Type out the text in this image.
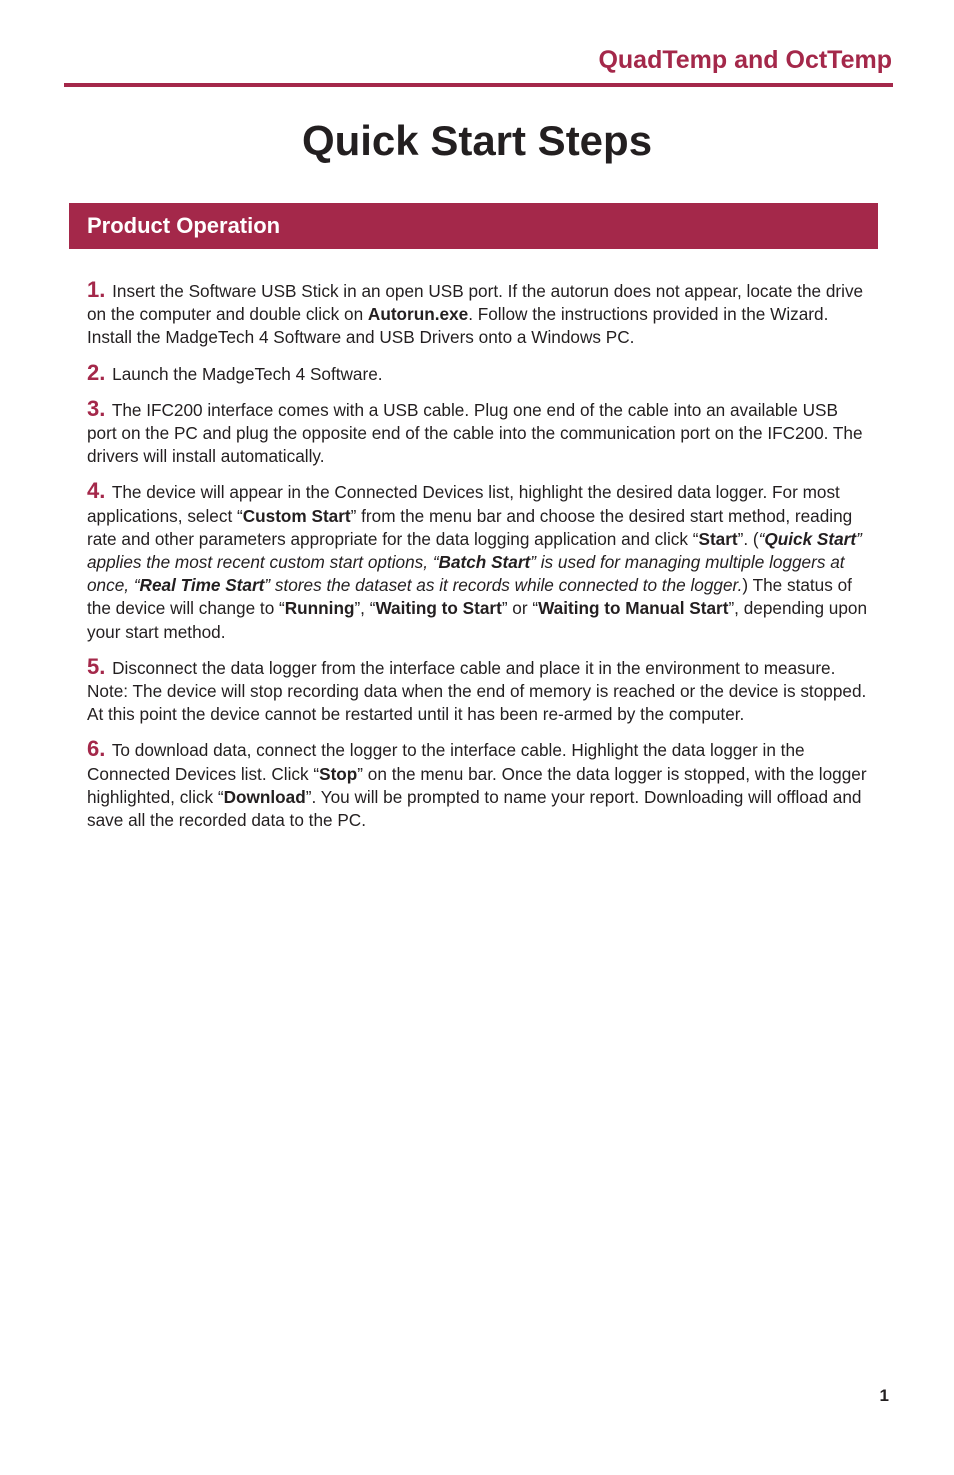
QuadTemp and OctTemp
Quick Start Steps
Product Operation

1. Insert the Software USB Stick in an open USB port. If the autorun does not appear, locate the drive on the computer and double click on Autorun.exe. Follow the instructions provided in the Wizard. Install the MadgeTech 4 Software and USB Drivers onto a Windows PC.

2. Launch the MadgeTech 4 Software.

3. The IFC200 interface comes with a USB cable. Plug one end of the cable into an available USB port on the PC and plug the opposite end of the cable into the communication port on the IFC200. The drivers will install automatically.

4. The device will appear in the Connected Devices list, highlight the desired data logger. For most applications, select “Custom Start” from the menu bar and choose the desired start method, reading rate and other parameters appropriate for the data logging application and click “Start”. (“Quick Start” applies the most recent custom start options, “Batch Start” is used for managing multiple loggers at once, “Real Time Start” stores the dataset as it records while connected to the logger.) The status of the device will change to “Running”, “Waiting to Start” or “Waiting to Manual Start”, depending upon your start method.

5. Disconnect the data logger from the interface cable and place it in the environment to measure. Note: The device will stop recording data when the end of memory is reached or the device is stopped. At this point the device cannot be restarted until it has been re-armed by the computer.

6. To download data, connect the logger to the interface cable. Highlight the data logger in the Connected Devices list. Click “Stop” on the menu bar. Once the data logger is stopped, with the logger highlighted, click “Download”. You will be prompted to name your report. Downloading will offload and save all the recorded data to the PC.

1
